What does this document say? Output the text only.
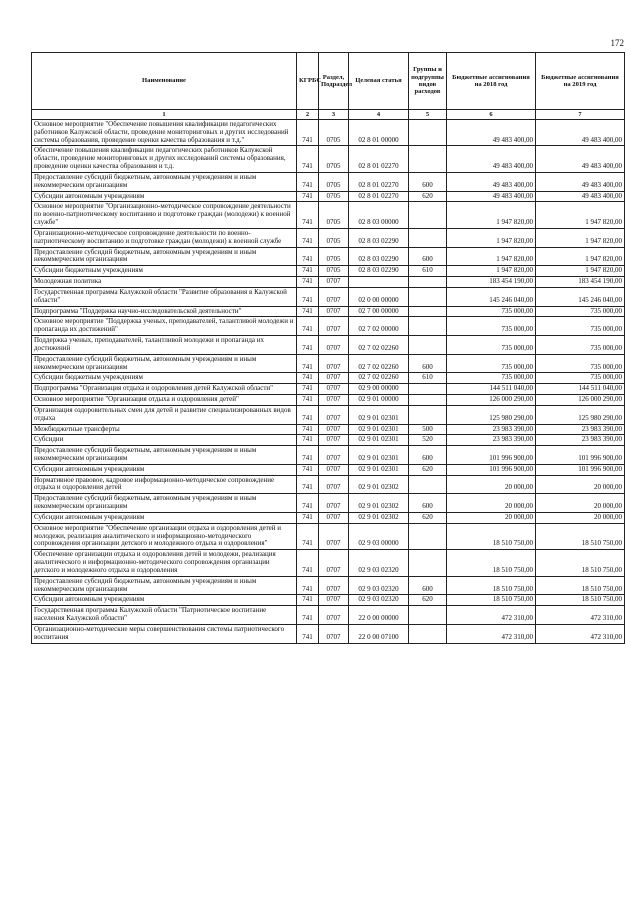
172
Наименование	КГРБС	Раздел, Подраздел	Целевая статья	Группы и подгруппы видов расходов	Бюджетные ассигнования на 2018 год	Бюджетные ассигнования на 2019 год
1	2	3	4	5	6	7
Основное мероприятие "Обеспечение повышения квалификации педагогических работников Калужской области, проведение мониторинговых и других исследований системы образования, проведение оценки качества образования и т.д."	741	0705	02 8 01 00000		49 483 400,00	49 483 400,00
Обеспечение повышения квалификации педагогических работников Калужской области, проведение мониторинговых и других исследований системы образования, проведение оценки качества образования и т.д.	741	0705	02 8 01 02270		49 483 400,00	49 483 400,00
Предоставление субсидий бюджетным, автономным учреждениям и иным некоммерческим организациям	741	0705	02 8 01 02270	600	49 483 400,00	49 483 400,00
Субсидии автономным учреждениям	741	0705	02 8 01 02270	620	49 483 400,00	49 483 400,00
Основное мероприятие "Организационно-методическое сопровождение деятельности по военно-патриотическому воспитанию и подготовке граждан (молодежи) к военной службе"	741	0705	02 8 03 00000		1 947 820,00	1 947 820,00
Организационно-методическое сопровождение деятельности по военно-патриотическому воспитанию и подготовке граждан (молодежи) к военной службе	741	0705	02 8 03 02290		1 947 820,00	1 947 820,00
Предоставление субсидий бюджетным, автономным учреждениям и иным некоммерческим организациям	741	0705	02 8 03 02290	600	1 947 820,00	1 947 820,00
Субсидии бюджетным учреждениям	741	0705	02 8 03 02290	610	1 947 820,00	1 947 820,00
Молодежная политика	741	0707			183 454 190,00	183 454 190,00
Государственная программа Калужской области "Развитие образования в Калужской области"	741	0707	02 0 00 00000		145 246 040,00	145 246 040,00
Подпрограмма "Поддержка научно-исследовательской деятельности"	741	0707	02 7 00 00000		735 000,00	735 000,00
Основное мероприятие "Поддержка ученых, преподавателей, талантливой молодежи и пропаганда их достижений"	741	0707	02 7 02 00000		735 000,00	735 000,00
Поддержка ученых, преподавателей, талантливой молодежи и пропаганда их достижений	741	0707	02 7 02 02260		735 000,00	735 000,00
Предоставление субсидий бюджетным, автономным учреждениям и иным некоммерческим организациям	741	0707	02 7 02 02260	600	735 000,00	735 000,00
Субсидии бюджетным учреждениям	741	0707	02 7 02 02260	610	735 000,00	735 000,00
Подпрограмма "Организация отдыха и оздоровления детей Калужской области"	741	0707	02 9 00 00000		144 511 040,00	144 511 040,00
Основное мероприятие "Организация отдыха и оздоровления детей"	741	0707	02 9 01 00000		126 000 290,00	126 000 290,00
Организация оздоровительных смен для детей и развитие специализированных видов отдыха	741	0707	02 9 01 02301		125 980 290,00	125 980 290,00
Межбюджетные трансферты	741	0707	02 9 01 02301	500	23 983 390,00	23 983 390,00
Субсидии	741	0707	02 9 01 02301	520	23 983 390,00	23 983 390,00
Предоставление субсидий бюджетным, автономным учреждениям и иным некоммерческим организациям	741	0707	02 9 01 02301	600	101 996 900,00	101 996 900,00
Субсидии автономным учреждениям	741	0707	02 9 01 02301	620	101 996 900,00	101 996 900,00
Нормативное правовое, кадровое информационно-методическое сопровождение отдыха и оздоровления детей	741	0707	02 9 01 02302		20 000,00	20 000,00
Предоставление субсидий бюджетным, автономным учреждениям и иным некоммерческим организациям	741	0707	02 9 01 02302	600	20 000,00	20 000,00
Субсидии автономным учреждениям	741	0707	02 9 01 02302	620	20 000,00	20 000,00
Основное мероприятие "Обеспечение организации отдыха и оздоровления детей и молодежи, реализация аналитического и информационно-методического сопровождения организации детского и молодежного отдыха и оздоровления"	741	0707	02 9 03 00000		18 510 750,00	18 510 750,00
Обеспечение организации отдыха и оздоровления детей и молодежи, реализация аналитического и информационно-методического сопровождения организации детского и молодежного отдыха и оздоровления	741	0707	02 9 03 02320		18 510 750,00	18 510 750,00
Предоставление субсидий бюджетным, автономным учреждениям и иным некоммерческим организациям	741	0707	02 9 03 02320	600	18 510 750,00	18 510 750,00
Субсидии автономным учреждениям	741	0707	02 9 03 02320	620	18 510 750,00	18 510 750,00
Государственная программа Калужской области "Патриотическое воспитание населения Калужской области"	741	0707	22 0 00 00000		472 310,00	472 310,00
Организационно-методические меры совершенствования системы патриотического воспитания	741	0707	22 0 00 07100		472 310,00	472 310,00
